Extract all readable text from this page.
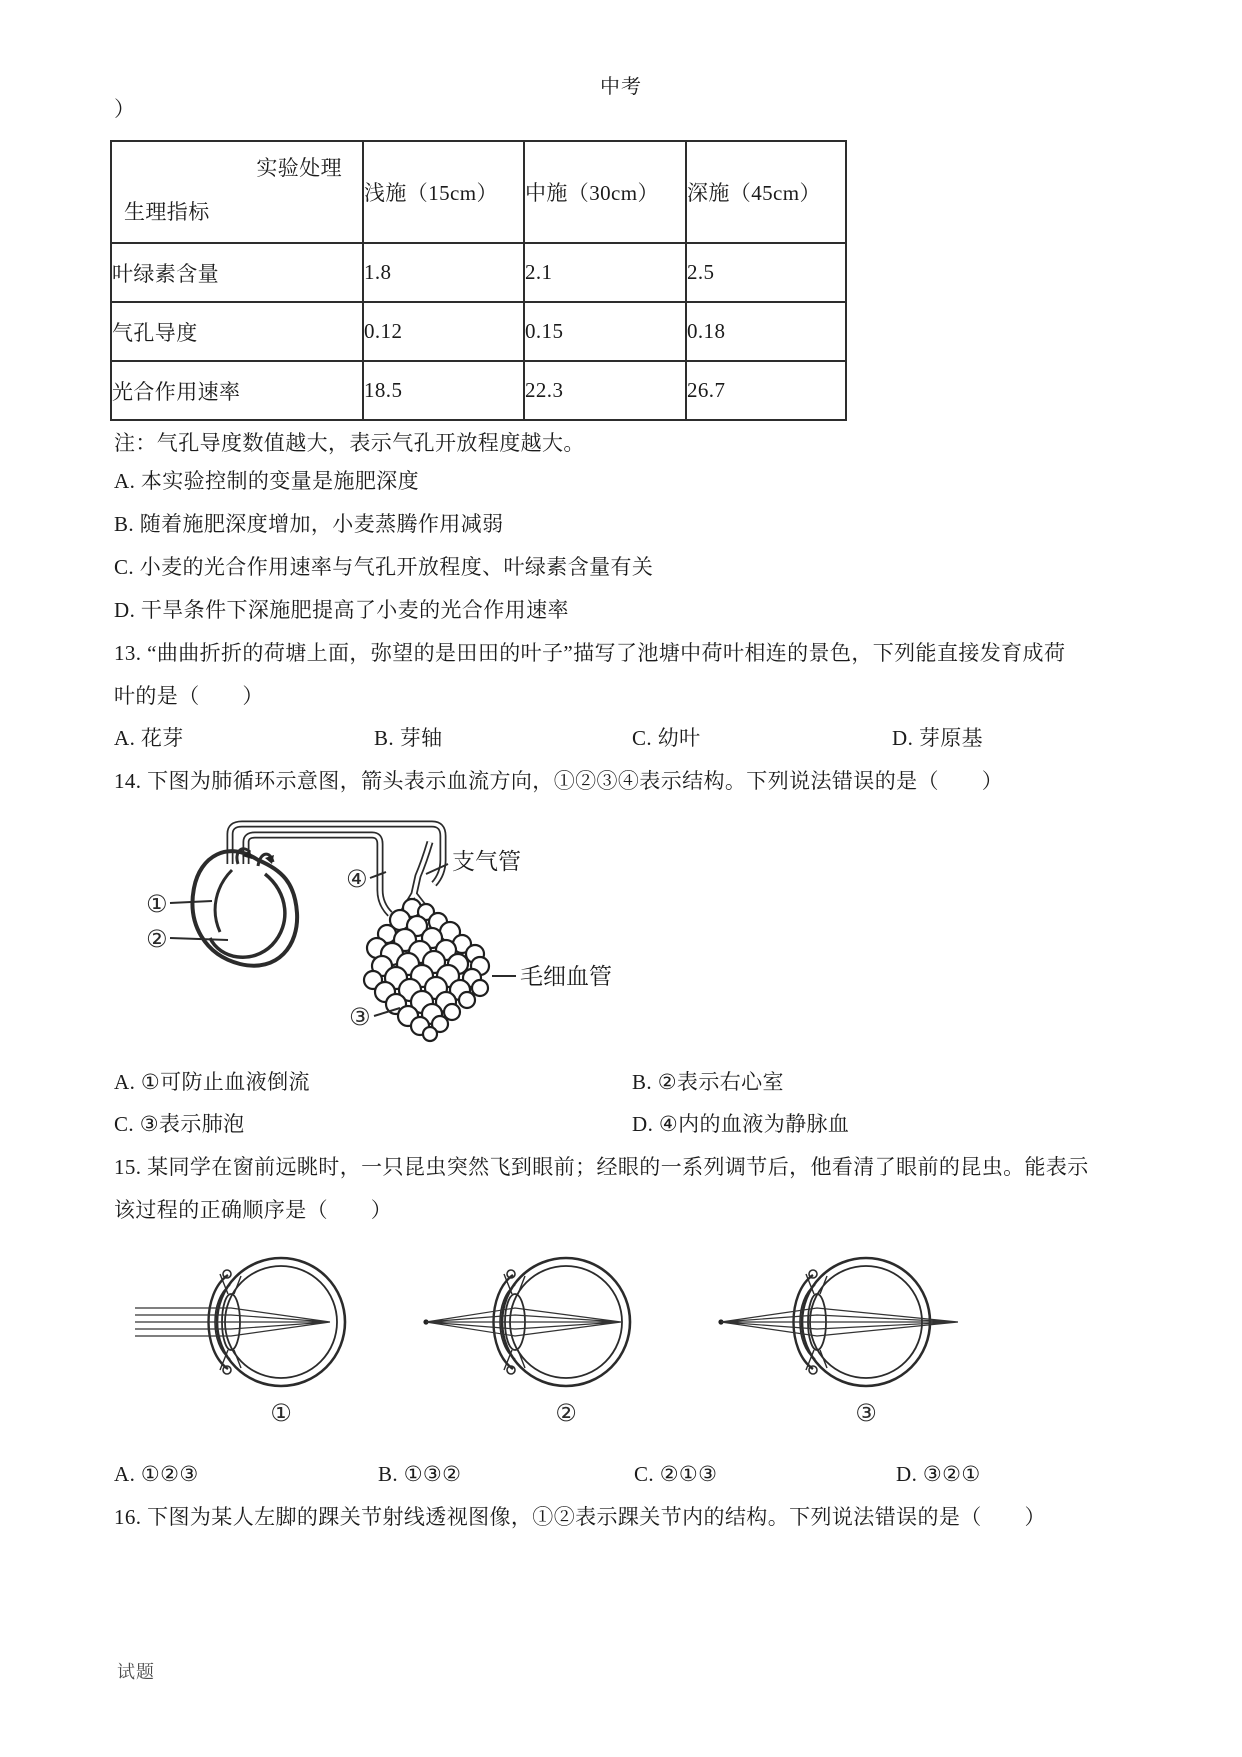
中考
）
实验处理
生理指标	浅施（15cm）	中施（30cm）	深施（45cm）
叶绿素含量	1.8	2.1	2.5
气孔导度	0.12	0.15	0.18
光合作用速率	18.5	22.3	26.7
注：气孔导度数值越大，表示气孔开放程度越大。
A. 本实验控制的变量是施肥深度
B. 随着施肥深度增加，小麦蒸腾作用减弱
C. 小麦的光合作用速率与气孔开放程度、叶绿素含量有关
D. 干旱条件下深施肥提高了小麦的光合作用速率
13. “曲曲折折的荷塘上面，弥望的是田田的叶子”描写了池塘中荷叶相连的景色，下列能直接发育成荷
叶的是（　　）
A. 花芽	B. 芽轴	C. 幼叶	D. 芽原基
14. 下图为肺循环示意图，箭头表示血流方向，①②③④表示结构。下列说法错误的是（　　）
①
②
④
③
支气管
毛细血管
A. ①可防止血液倒流	B. ②表示右心室
C. ③表示肺泡	D. ④内的血液为静脉血
15. 某同学在窗前远眺时，一只昆虫突然飞到眼前；经眼的一系列调节后，他看清了眼前的昆虫。能表示
该过程的正确顺序是（　　）
①	②	③
A. ①②③	B. ①③②	C. ②①③	D. ③②①
16. 下图为某人左脚的踝关节射线透视图像，①②表示踝关节内的结构。下列说法错误的是（　　）
试题
